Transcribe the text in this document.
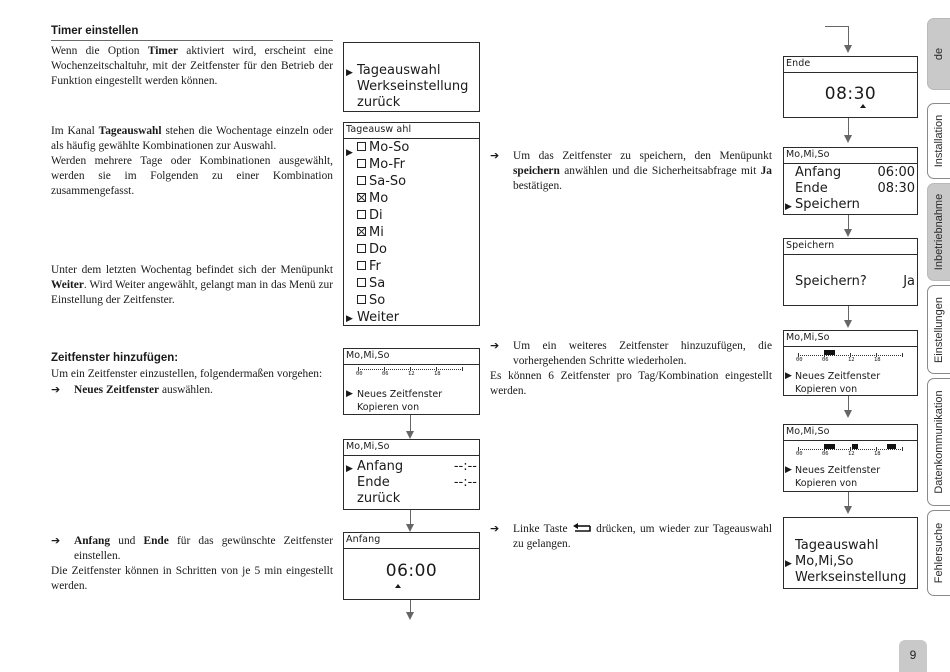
Timer einstellen

Wenn die Option Timer aktiviert wird, erscheint eine Wochenzeitschaltuhr, mit der Zeitfenster für den Betrieb der Funktion eingestellt werden können.

Im Kanal Tageauswahl stehen die Wochentage einzeln oder als häufig gewählte Kombinationen zur Auswahl.

Werden mehrere Tage oder Kombinationen ausgewählt, werden sie im Folgenden zu einer Kombination zusammengefasst.

Unter dem letzten Wochentag befindet sich der Menüpunkt Weiter. Wird Weiter angewählt, gelangt man in das Menü zur Einstellung der Zeitfenster.

Zeitfenster hinzufügen:

Um ein Zeitfenster einzustellen, folgendermaßen vorgehen:

➔ Neues Zeitfenster auswählen.

➔ Anfang und Ende für das gewünschte Zeitfenster einstellen.

Die Zeitfenster können in Schritten von je 5 min eingestellt werden.

➔ Um das Zeitfenster zu speichern, den Menüpunkt speichern anwählen und die Sicherheitsabfrage mit Ja bestätigen.

➔ Um ein weiteres Zeitfenster hinzuzufügen, die vorhergehenden Schritte wiederholen.

Es können 6 Zeitfenster pro Tag/Kombination eingestellt werden.

➔ Linke Taste  drücken, um wieder zur Tageauswahl zu gelangen.

▶ Tageauswahl
Werkseinstellung
zurück
Tageausw ahl
Mo-So
Mo-Fr
Sa-So
Mo
Di
Mi
Do
Fr
Sa
So
▶
▶ Weiter
Mo,Mi,So
00	06	12	18
▶ Neues Zeitfenster
Kopieren von
Mo,Mi,So
▶ Anfang	--:--
Ende	--:--
zurück
Anfang
06:00
Ende
08:30
Mo,Mi,So
Anfang	06:00
Ende	08:30
▶ Speichern
Speichern
Speichern?	Ja
Mo,Mi,So
00	06	12	18
▶ Neues Zeitfenster
Kopieren von
Mo,Mi,So
00	06	12	18
▶ Neues Zeitfenster
Kopieren von
Tageauswahl
▶ Mo,Mi,So
Werkseinstellung
de
Installation
Inbetriebnahme
Einstellungen
Datenkommunikation
Fehlersuche
9
